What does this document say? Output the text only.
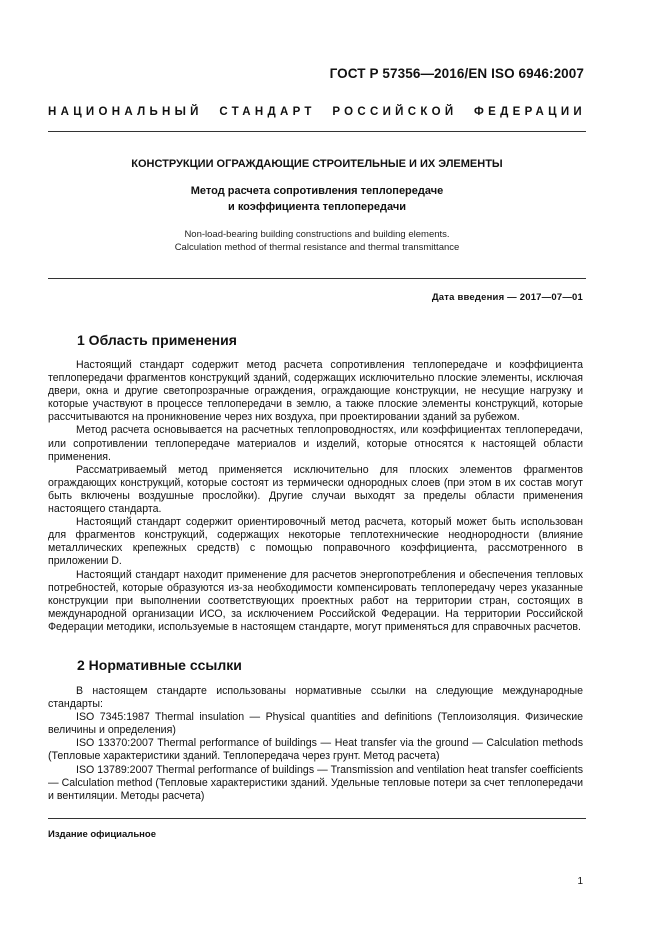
ГОСТ Р 57356—2016/EN ISO 6946:2007
НАЦИОНАЛЬНЫЙ СТАНДАРТ РОССИЙСКОЙ ФЕДЕРАЦИИ
КОНСТРУКЦИИ ОГРАЖДАЮЩИЕ СТРОИТЕЛЬНЫЕ И ИХ ЭЛЕМЕНТЫ
Метод расчета сопротивления теплопередаче
и коэффициента теплопередачи
Non-load-bearing building constructions and building elements.
Calculation method of thermal resistance and thermal transmittance
Дата введения — 2017—07—01
1 Область применения

Настоящий стандарт содержит метод расчета сопротивления теплопередаче и коэффициента теплопередачи фрагментов конструкций зданий, содержащих исключительно плоские элементы, исключая двери, окна и другие светопрозрачные ограждения, ограждающие конструкции, не несущие нагрузку и которые участвуют в процессе теплопередачи в землю, а также плоские элементы конструкций, которые рассчитываются на проникновение через них воздуха, при проектировании зданий за рубежом.

Метод расчета основывается на расчетных теплопроводностях, или коэффициентах теплопередачи, или сопротивлении теплопередаче материалов и изделий, которые относятся к настоящей области применения.

Рассматриваемый метод применяется исключительно для плоских элементов фрагментов ограждающих конструкций, которые состоят из термически однородных слоев (при этом в их состав могут быть включены воздушные прослойки). Другие случаи выходят за пределы области применения настоящего стандарта.

Настоящий стандарт содержит ориентировочный метод расчета, который может быть использован для фрагментов конструкций, содержащих некоторые теплотехнические неоднородности (влияние металлических крепежных средств) с помощью поправочного коэффициента, рассмотренного в приложении D.

Настоящий стандарт находит применение для расчетов энергопотребления и обеспечения тепловых потребностей, которые образуются из-за необходимости компенсировать теплопередачу через указанные конструкции при выполнении соответствующих проектных работ на территории стран, состоящих в международной организации ИСО, за исключением Российской Федерации. На территории Российской Федерации методики, используемые в настоящем стандарте, могут применяться для справочных расчетов.

2 Нормативные ссылки

В настоящем стандарте использованы нормативные ссылки на следующие международные стандарты:

ISO 7345:1987 Thermal insulation — Physical quantities and definitions (Теплоизоляция. Физические величины и определения)

ISO 13370:2007 Thermal performance of buildings — Heat transfer via the ground — Calculation methods (Тепловые характеристики зданий. Теплопередача через грунт. Метод расчета)

ISO 13789:2007 Thermal performance of buildings — Transmission and ventilation heat transfer coefficients — Calculation method (Тепловые характеристики зданий. Удельные тепловые потери за счет теплопередачи и вентиляции. Методы расчета)

Издание официальное
1
